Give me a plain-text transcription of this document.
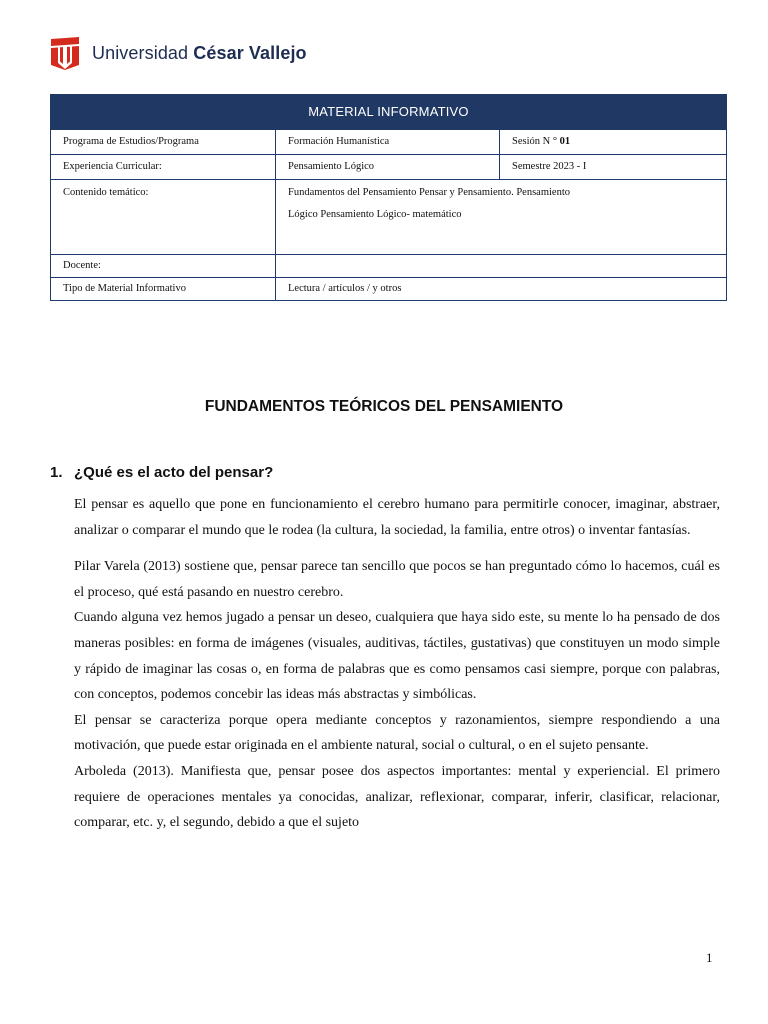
Universidad César Vallejo
MATERIAL INFORMATIVO		
Programa de Estudios/Programa	Formación Humanística	Sesión N ° 01
Experiencia Curricular:	Pensamiento Lógico	Semestre 2023 - I

Contenido temático:	Fundamentos del Pensamiento Pensar y Pensamiento. Pensamiento

Lógico Pensamiento Lógico- matemático	

Docente:		
Tipo de Material Informativo	Lectura / artículos / y otros	
FUNDAMENTOS TEÓRICOS DEL PENSAMIENTO
1. ¿Qué es el acto del pensar?

El pensar es aquello que pone en funcionamiento el cerebro humano para permitirle conocer, imaginar, abstraer, analizar o comparar el mundo que le rodea (la cultura, la sociedad, la familia, entre otros) o inventar fantasías.

Pilar Varela (2013) sostiene que, pensar parece tan sencillo que pocos se han preguntado cómo lo hacemos, cuál es el proceso, qué está pasando en nuestro cerebro.

Cuando alguna vez hemos jugado a pensar un deseo, cualquiera que haya sido este, su mente lo ha pensado de dos maneras posibles: en forma de imágenes (visuales, auditivas, táctiles, gustativas) que constituyen un modo simple y rápido de imaginar las cosas o, en forma de palabras que es como pensamos casi siempre, porque con palabras, con conceptos, podemos concebir las ideas más abstractas y simbólicas.

El pensar se caracteriza porque opera mediante conceptos y razonamientos, siempre respondiendo a una motivación, que puede estar originada en el ambiente natural, social o cultural, o en el sujeto pensante.

Arboleda (2013). Manifiesta que, pensar posee dos aspectos importantes: mental y experiencial. El primero requiere de operaciones mentales ya conocidas, analizar, reflexionar, comparar, inferir, clasificar, relacionar, comparar, etc. y, el segundo, debido a que el sujeto

1
